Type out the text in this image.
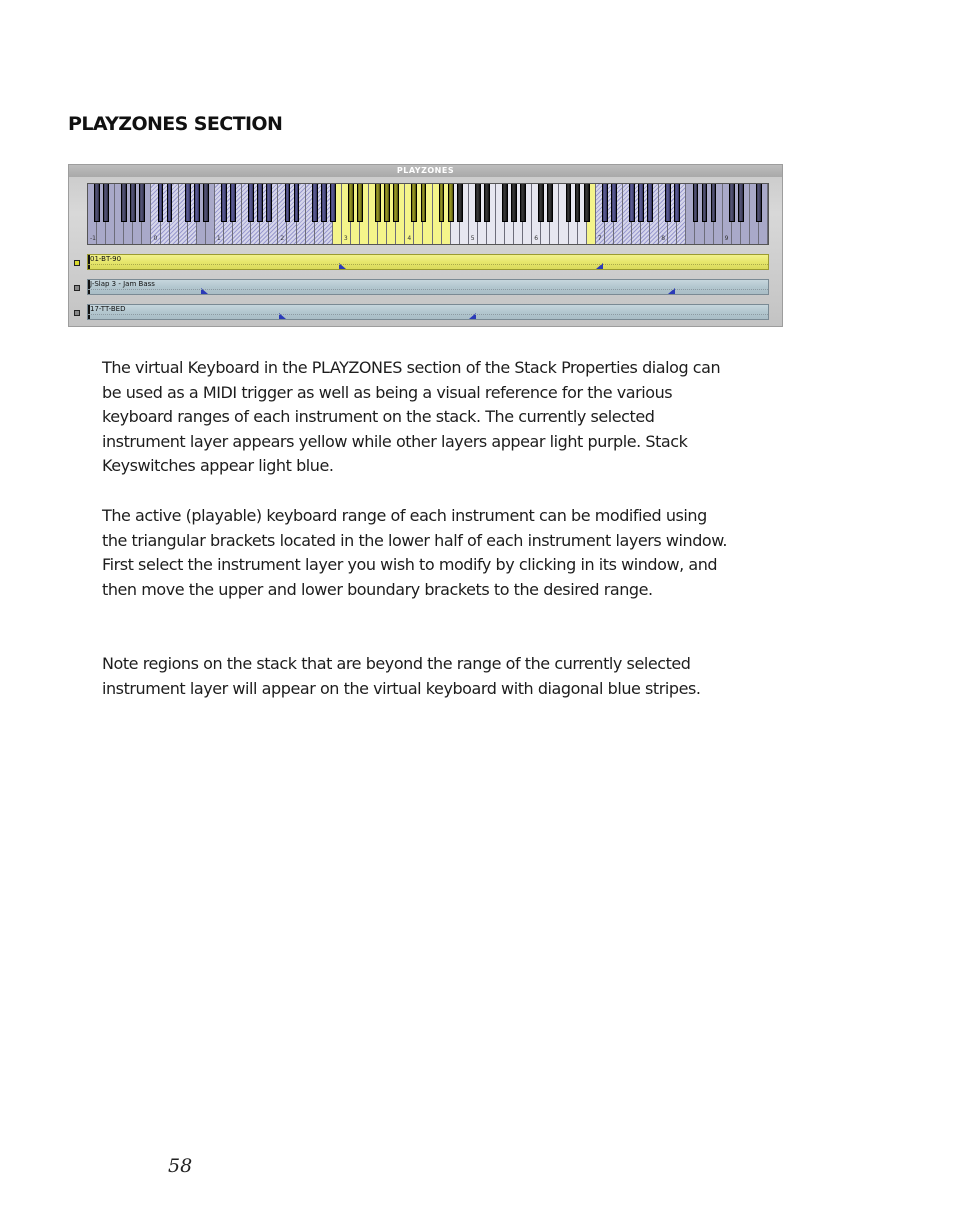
PLAYZONES SECTION
PLAYZONES
-1	0	1	2	3	4	5	6	7	8	9
01-BT-90
J-Slap 3 - Jam Bass
17-TT-BED

The virtual Keyboard in the PLAYZONES section of the Stack Properties dialog can be used as a MIDI trigger as well as being a visual reference for the various keyboard ranges of each instrument on the stack. The currently selected instrument layer appears yellow while other layers appear light purple. Stack Keyswitches appear light blue.

The active (playable) keyboard range of each instrument can be modified using the triangular brackets located in the lower half of each instrument layers window. First select the instrument layer you wish to modify by clicking in its window, and then move the upper and lower boundary brackets to the desired range.

Note regions on the stack that are beyond the range of the currently selected instrument layer will appear on the virtual keyboard with diagonal blue stripes.

58
